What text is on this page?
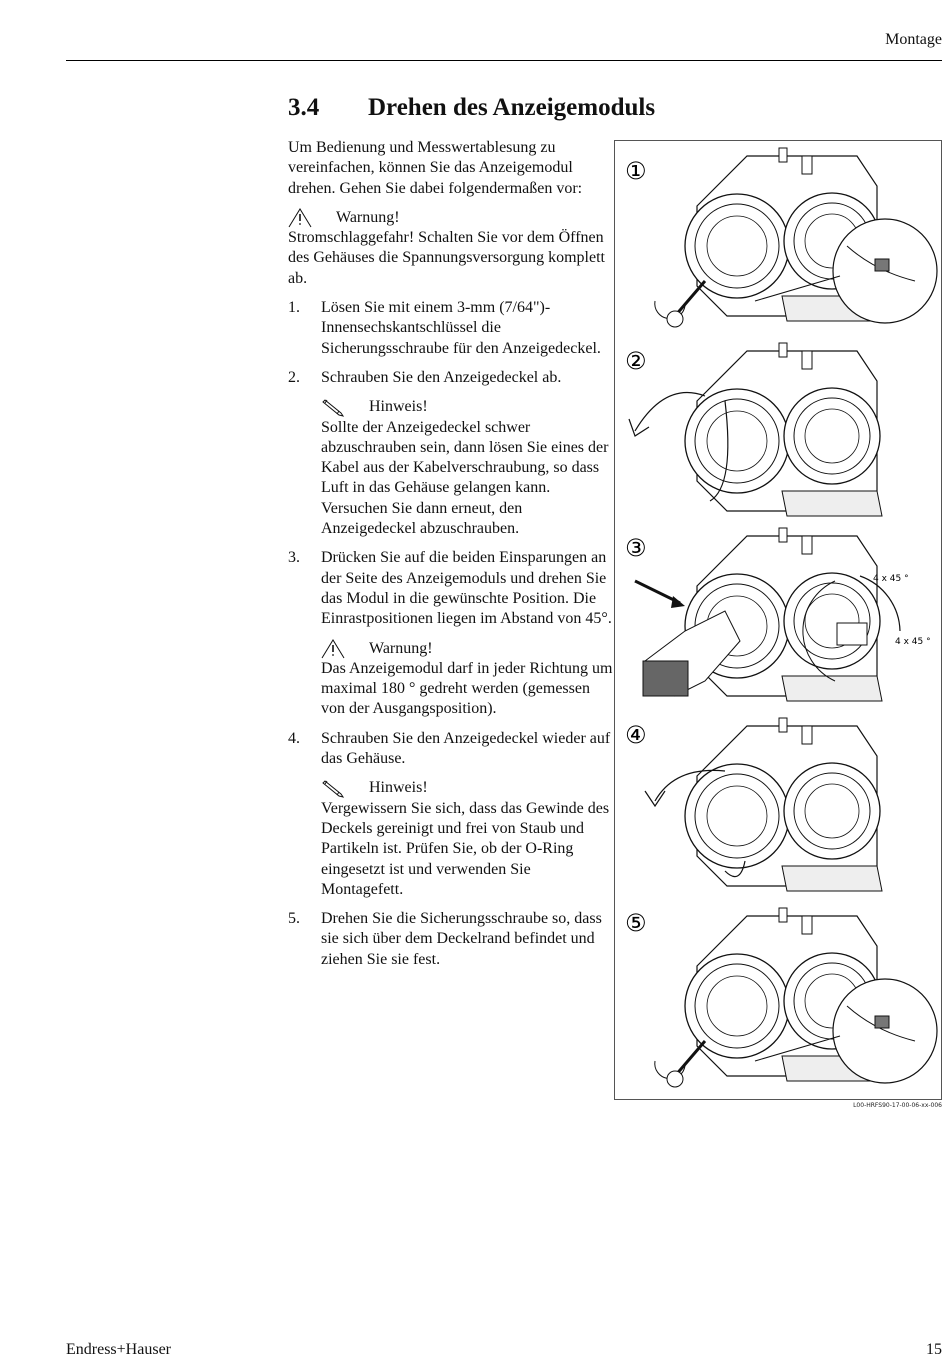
Montage
3.4 Drehen des Anzeigemoduls

Um Bedienung und Messwertablesung zu vereinfachen, können Sie das Anzeigemodul drehen. Gehen Sie dabei folgendermaßen vor:

Warnung!
Stromschlaggefahr! Schalten Sie vor dem Öffnen des Gehäuses die Spannungsversorgung komplett ab.
1.	Lösen Sie mit einem 3-mm (7/64")-Innensechskantschlüssel die Sicherungsschraube für den Anzeigedeckel.
2.	Schrauben Sie den Anzeigedeckel ab.
Hinweis!
Sollte der Anzeigedeckel schwer abzuschrauben sein, dann lösen Sie eines der Kabel aus der Kabelverschraubung, so dass Luft in das Gehäuse gelangen kann. Versuchen Sie dann erneut, den Anzeigedeckel abzuschrauben.
3.	Drücken Sie auf die beiden Einsparungen an der Seite des Anzeigemoduls und drehen Sie das Modul in die gewünschte Position. Die Einrastpositionen liegen im Abstand von 45°.
Warnung!
Das Anzeigemodul darf in jeder Richtung um maximal 180 ° gedreht werden (gemessen von der Ausgangsposition).
4.	Schrauben Sie den Anzeigedeckel wieder auf das Gehäuse.
Hinweis!
Vergewissern Sie sich, dass das Gewinde des Deckels gereinigt und frei von Staub und Partikeln ist. Prüfen Sie, ob der O-Ring eingesetzt ist und verwenden Sie Montagefett.
5.	Drehen Sie die Sicherungsschraube so, dass sie sich über dem Deckelrand befindet und ziehen Sie sie fest.
①
②
③
④
⑤
4 x 45 °
4 x 45 °
L00-HRFS90-17-00-06-xx-006
Endress+Hauser	15
